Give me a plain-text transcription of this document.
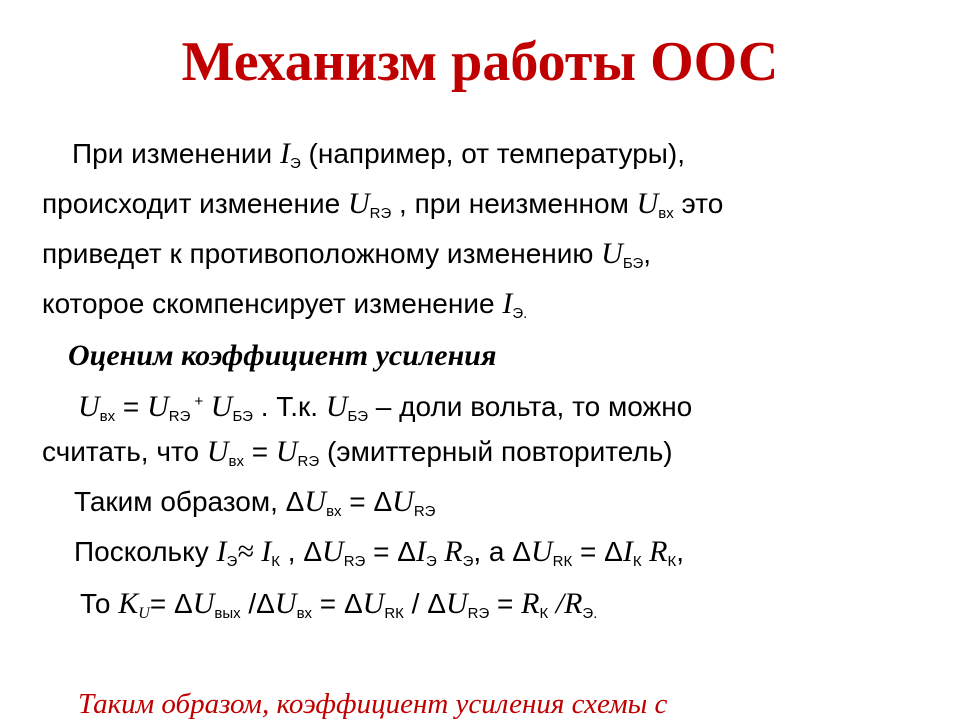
Механизм работы ООС
При изменении IЭ (например, от температуры),
происходит изменение URЭ , при неизменном Uвх это
приведет к противоположному изменению UБЭ,
которое скомпенсирует изменение IЭ.
Оценим коэффициент усиления
Uвх = URЭ + UБЭ . Т.к. UБЭ – доли вольта, то можно
считать, что Uвх = URЭ (эмиттерный повторитель)
Таким образом, ΔUвх = ΔURЭ
Поскольку IЭ≈ IК , ΔURЭ = ΔIЭ RЭ, а ΔURК = ΔIК RК,
То KU= ΔUвых /ΔUвх = ΔURК / ΔURЭ = RК /RЭ.
Таким образом, коэффициент усиления схемы с
